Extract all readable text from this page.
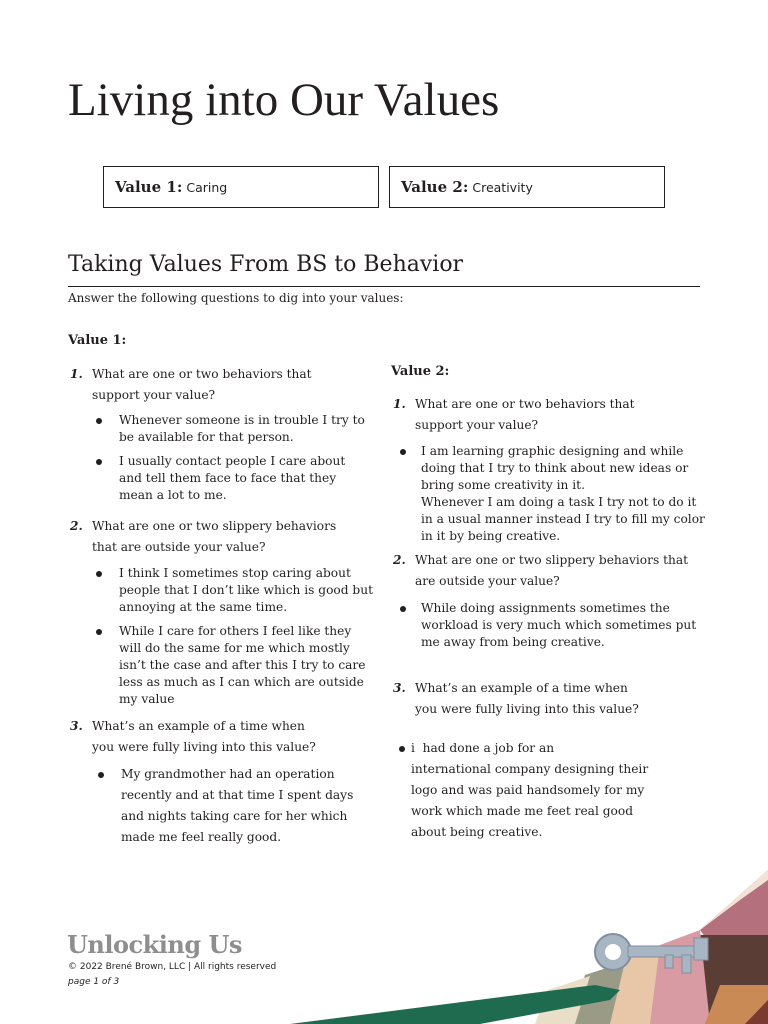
Living into Our Values
Value 1: Caring	Value 2: Creativity
Taking Values From BS to Behavior
Answer the following questions to dig into your values:
Value 1:
1. What are one or two behaviors that support your value?
Whenever someone is in trouble I try to be available for that person.
I usually contact people I care about and tell them face to face that they mean a lot to me.
2. What are one or two slippery behaviors that are outside your value?
I think I sometimes stop caring about people that I don’t like which is good but annoying at the same time.
While I care for others I feel like they will do the same for me which mostly isn’t the case and after this I try to care less as much as I can which are outside my value
3. What’s an example of a time when you were fully living into this value?
My grandmother had an operation recently and at that time I spent days and nights taking care for her which made me feel really good.
Value 2:
1. What are one or two behaviors that support your value?
I am learning graphic designing and while doing that I try to think about new ideas or bring some creativity in it.
Whenever I am doing a task I try not to do it in a usual manner instead I try to fill my color in it by being creative.
2. What are one or two slippery behaviors that are outside your value?
While doing assignments sometimes the workload is very much which sometimes put me away from being creative.
3. What’s an example of a time when you were fully living into this value?
i  had done a job for an        international company designing their logo and was paid handsomely for my work which made me feet real good  about being creative.
Unlocking Us
© 2022 Brené Brown, LLC | All rights reserved
page 1 of 3
